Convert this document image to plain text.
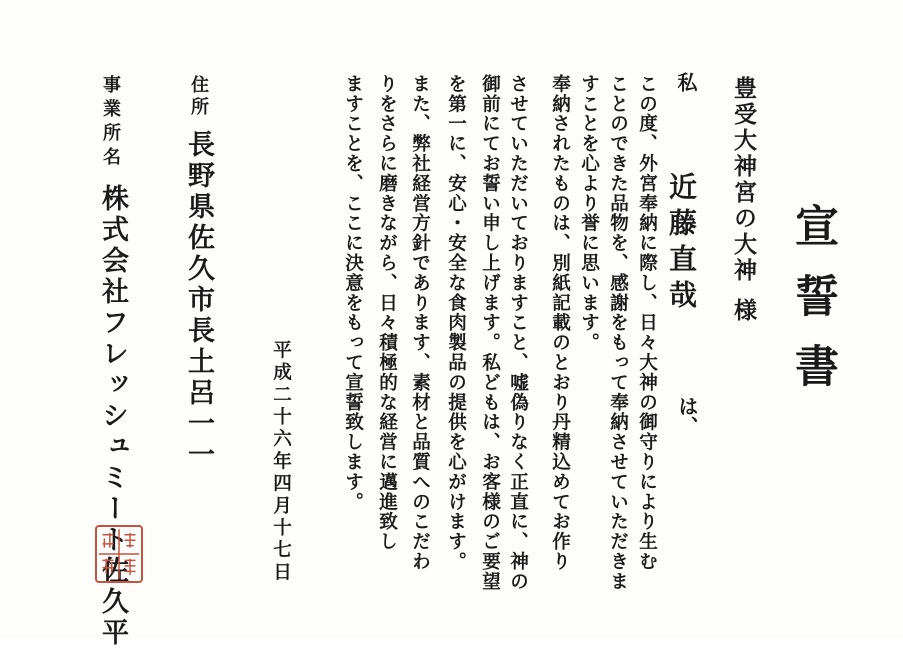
宣誓書
豊受大神宮の大神様
私
近藤直哉
は、
この度、外宮奉納に際し、日々大神の御守りにより生む
ことのできた品物を、感謝をもって奉納させていただきま
すことを心より誉に思います。
奉納されたものは、別紙記載のとおり丹精込めてお作り
させていただいておりますこと、嘘偽りなく正直に、神の
御前にてお誓い申し上げます。私どもは、お客様のご要望
を第一に、安心・安全な食肉製品の提供を心がけます。
また、弊社経営方針であります、素材と品質へのこだわ
りをさらに磨きながら、日々積極的な経営に邁進致し
ますことを、ここに決意をもって宣誓致します。
平成二十六年四月十七日
住所
長野県佐久市長土呂一一
事業所名
株式会社フレッシュミート佐久平
